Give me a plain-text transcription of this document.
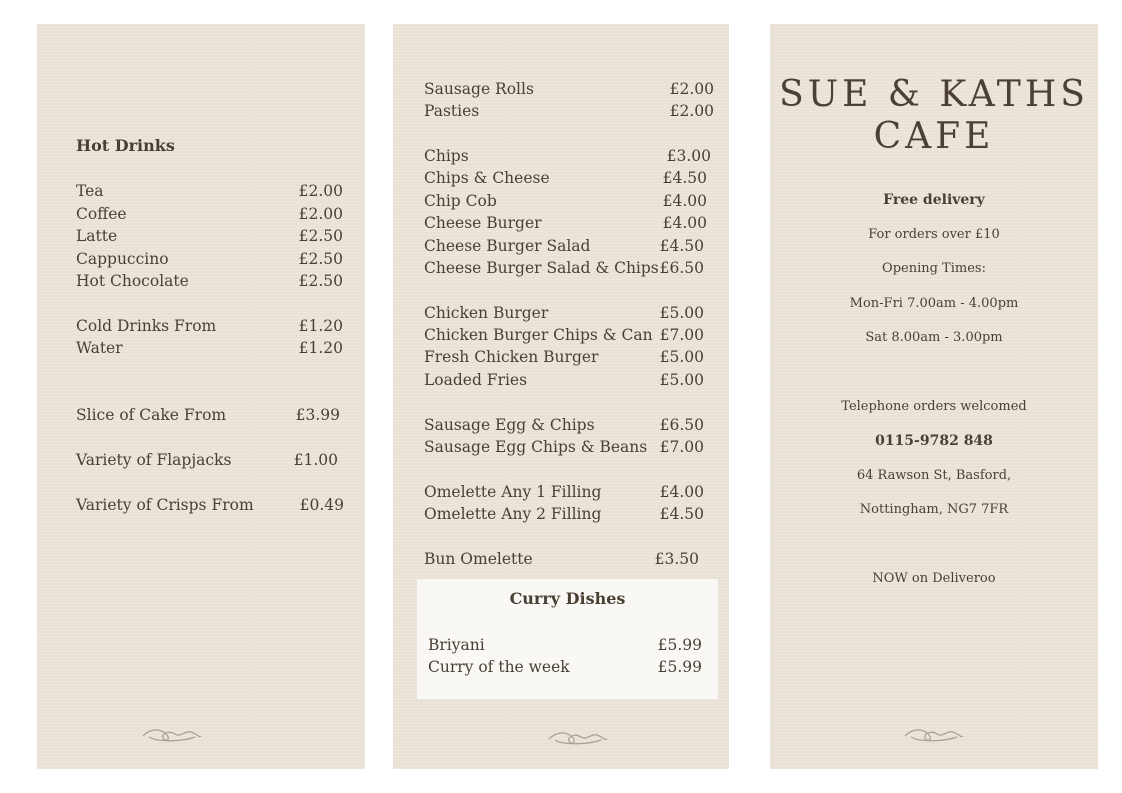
Hot Drinks
Tea	£2.00
Coffee	£2.00
Latte	£2.50
Cappuccino	£2.50
Hot Chocolate	£2.50
Cold Drinks From	£1.20
Water	£1.20
Slice of Cake From	£3.99
Variety of Flapjacks	£1.00
Variety of Crisps From	£0.49
Sausage Rolls	£2.00
Pasties	£2.00
Chips	£3.00
Chips & Cheese	£4.50
Chip Cob	£4.00
Cheese Burger	£4.00
Cheese Burger Salad	£4.50
Cheese Burger Salad & Chips £6.50
Chicken Burger	£5.00
Chicken Burger Chips & Can £7.00
Fresh Chicken Burger	£5.00
Loaded Fries	£5.00
Sausage Egg & Chips	£6.50
Sausage Egg Chips & Beans £7.00
Omelette Any 1 Filling	£4.00
Omelette Any 2 Filling	£4.50
Bun Omelette	£3.50
Curry Dishes
Briyani	£5.99
Curry of the week	£5.99
SUE & KATHS
CAFE
Free delivery
For orders over £10
Opening Times:
Mon-Fri 7.00am - 4.00pm
Sat 8.00am - 3.00pm
Telephone orders welcomed
0115-9782 848
64 Rawson St, Basford,
Nottingham, NG7 7FR
NOW on Deliveroo
